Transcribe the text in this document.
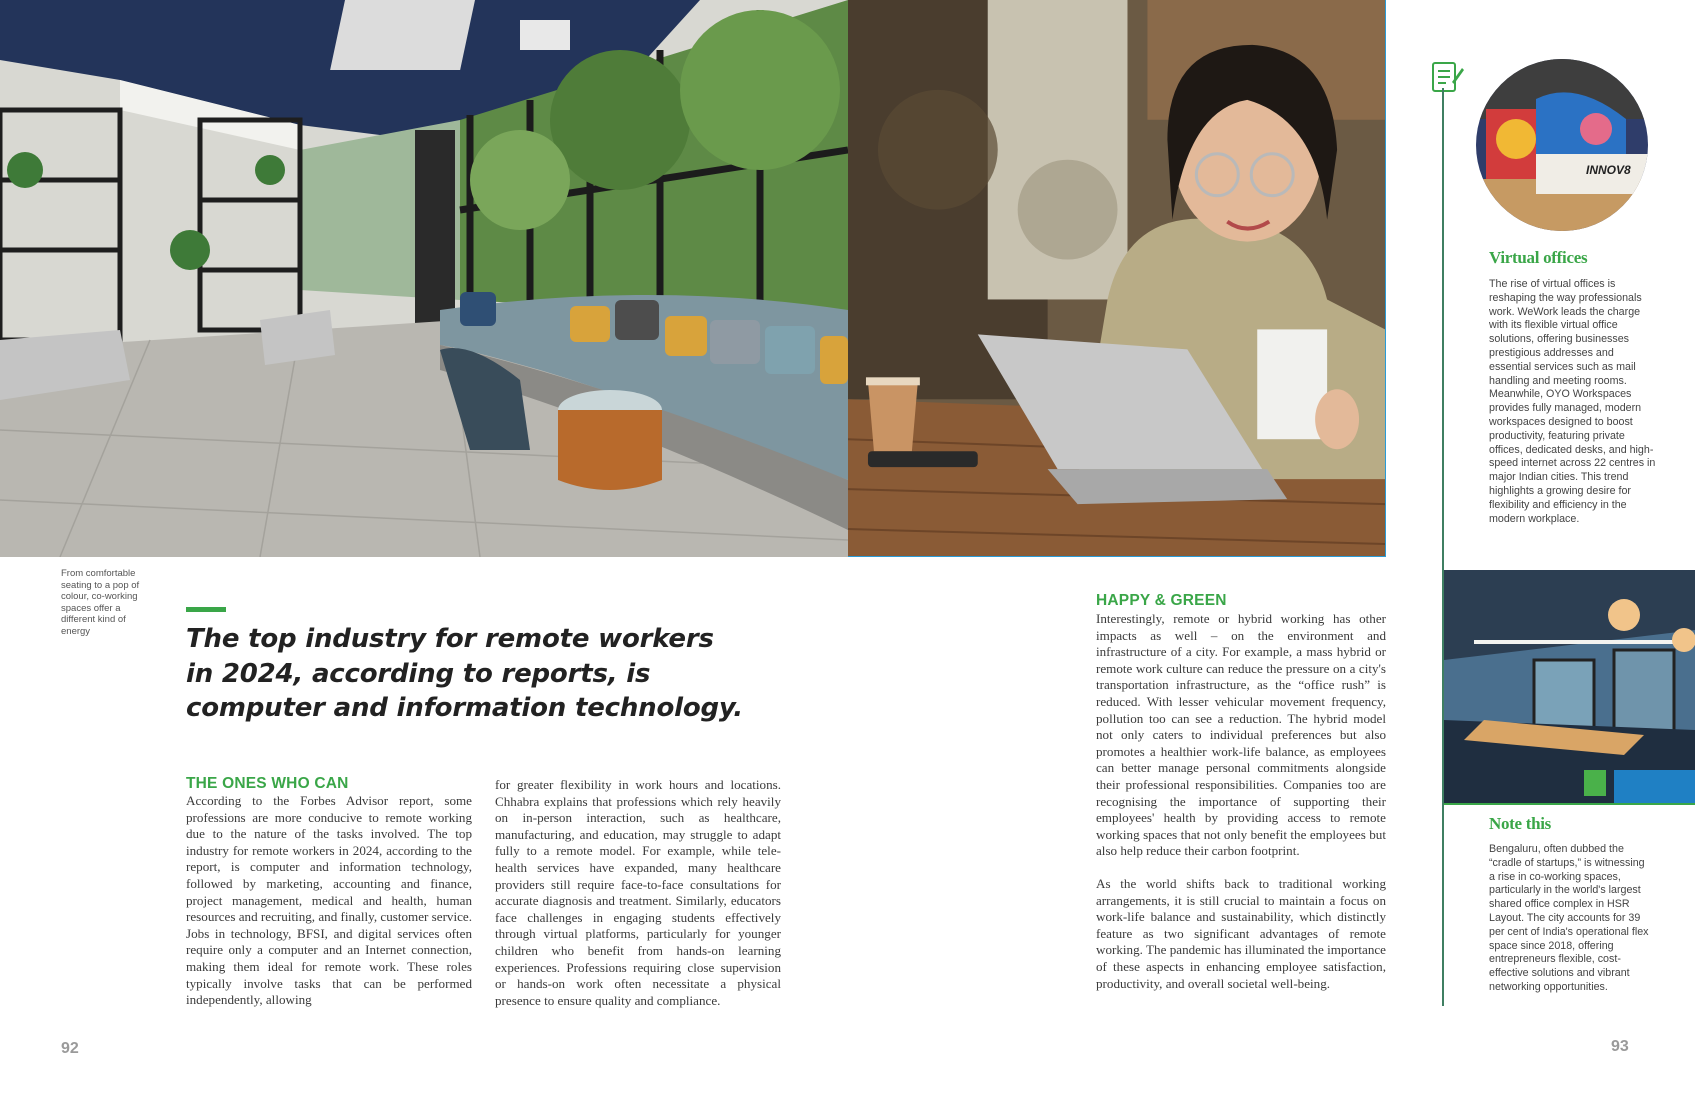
INNOV8
Virtual offices
The rise of virtual offices is reshaping the way professionals work. WeWork leads the charge with its flexible virtual office solutions, offering businesses prestigious addresses and essential services such as mail handling and meeting rooms. Meanwhile, OYO Workspaces provides fully managed, modern workspaces designed to boost productivity, featuring private offices, dedicated desks, and high-speed internet across 22 centres in major Indian cities. This trend highlights a growing desire for flexibility and efficiency in the modern workplace.
Note this
Bengaluru, often dubbed the “cradle of startups,” is witnessing a rise in co-working spaces, particularly in the world's largest shared office complex in HSR Layout. The city accounts for 39 per cent of India's operational flex space since 2018, offering entrepreneurs flexible, cost-effective solutions and vibrant networking opportunities.
From comfortable seating to a pop of colour, co-working spaces offer a different kind of energy	The top industry for remote workers in 2024, according to reports, is computer and information technology.
THE ONES WHO CAN
According to the Forbes Advisor report, some professions are more conducive to remote working due to the nature of the tasks involved. The top industry for remote workers in 2024, according to the report, is computer and information technology, followed by marketing, accounting and finance, project management, medical and health, human resources and recruiting, and finally, customer service. Jobs in technology, BFSI, and digital services often require only a computer and an Internet connection, making them ideal for remote work. These roles typically involve tasks that can be performed independently, allowing
for greater flexibility in work hours and locations. Chhabra explains that professions which rely heavily on in-person interaction, such as healthcare, manufacturing, and education, may struggle to adapt fully to a remote model. For example, while tele-health services have expanded, many healthcare providers still require face-to-face consultations for accurate diagnosis and treatment. Similarly, educators face challenges in engaging students effectively through virtual platforms, particularly for younger children who benefit from hands-on learning experiences. Professions requiring close supervision or hands-on work often necessitate a physical presence to ensure quality and compliance.
HAPPY & GREEN
Interestingly, remote or hybrid working has other impacts as well – on the environment and infrastructure of a city. For example, a mass hybrid or remote work culture can reduce the pressure on a city's transportation infrastructure, as the “office rush” is reduced. With lesser vehicular movement frequency, pollution too can see a reduction. The hybrid model not only caters to individual preferences but also promotes a healthier work-life balance, as employees can better manage personal commitments alongside their professional responsibilities. Companies too are recognising the importance of supporting their employees' health by providing access to remote working spaces that not only benefit the employees but also help reduce their carbon footprint.
As the world shifts back to traditional working arrangements, it is still crucial to maintain a focus on work-life balance and sustainability, which distinctly feature as two significant advantages of remote working. The pandemic has illuminated the importance of these aspects in enhancing employee satisfaction, productivity, and overall societal well-being.
92	93
